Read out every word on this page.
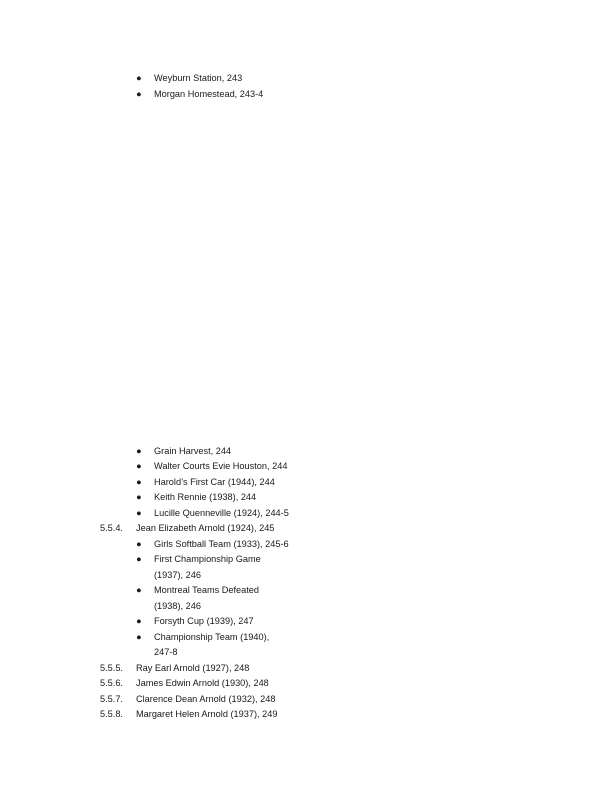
● Weyburn Station, 243
● Morgan Homestead, 243-4
● Grain Harvest, 244
● Walter Courts Evie Houston, 244
● Harold’s First Car (1944), 244
● Keith Rennie (1938), 244
● Lucille Quenneville (1924), 244-5
5.5.4. Jean Elizabeth Arnold (1924), 245
● Girls Softball Team (1933), 245-6
● First Championship Game
(1937), 246
● Montreal Teams Defeated
(1938), 246
● Forsyth Cup (1939), 247
● Championship Team (1940),
247-8
5.5.5. Ray Earl Arnold (1927), 248
5.5.6. James Edwin Arnold (1930), 248
5.5.7. Clarence Dean Arnold (1932), 248
5.5.8. Margaret Helen Arnold (1937), 249
